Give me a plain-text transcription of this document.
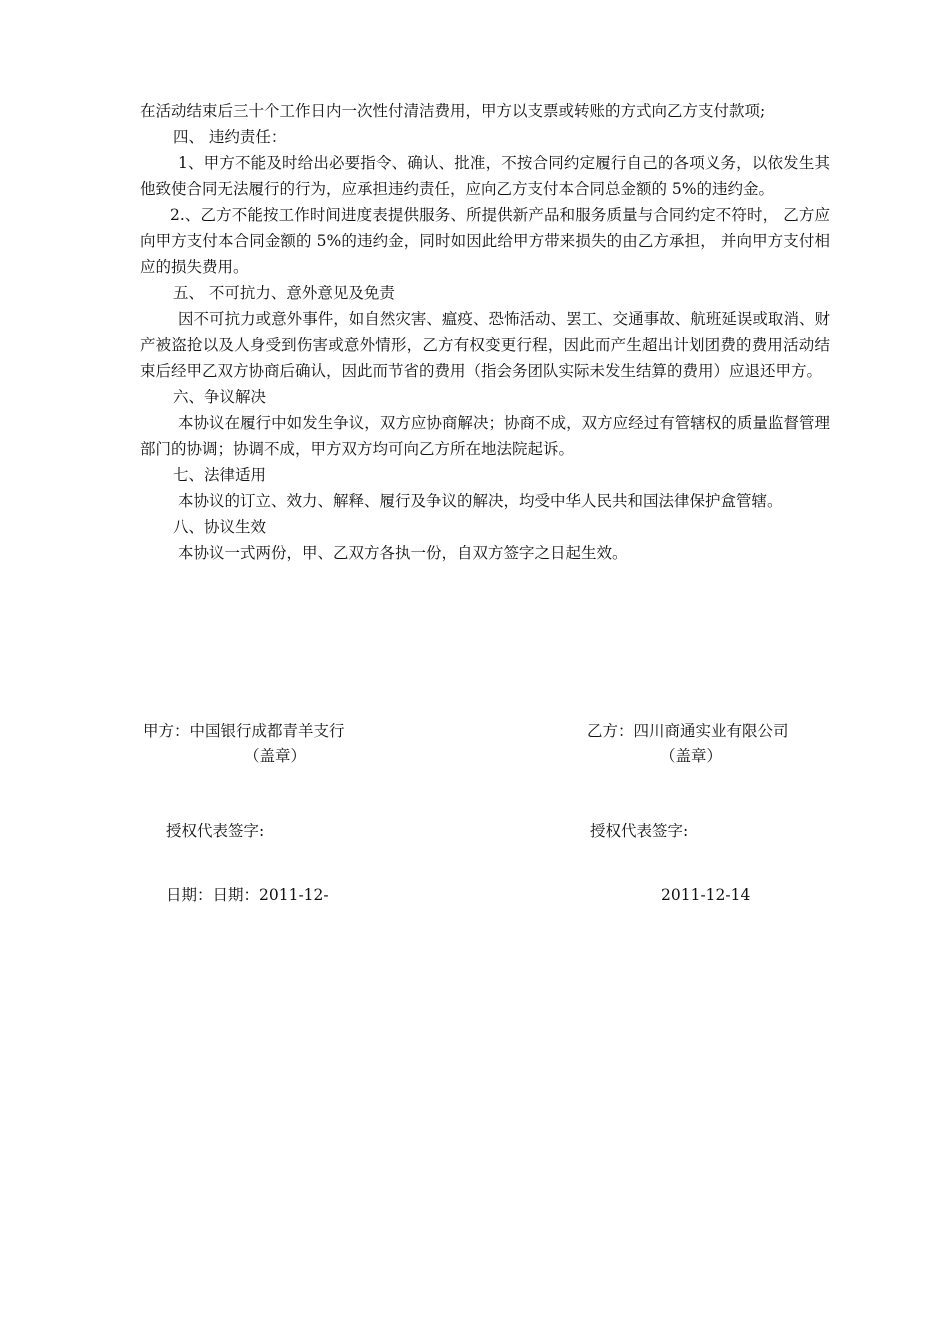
在活动结束后三十个工作日内一次性付清洁费用，甲方以支票或转账的方式向乙方支付款项;

四、 违约责任：

1、甲方不能及时给出必要指令、确认、批准，不按合同约定履行自己的各项义务，以依发生其他致使合同无法履行的行为，应承担违约责任，应向乙方支付本合同总金额的 5%的违约金。

2.、乙方不能按工作时间进度表提供服务、所提供新产品和服务质量与合同约定不符时， 乙方应向甲方支付本合同金额的 5%的违约金，同时如因此给甲方带来损失的由乙方承担， 并向甲方支付相应的损失费用。

五、 不可抗力、意外意见及免责

因不可抗力或意外事件，如自然灾害、瘟疫、恐怖活动、罢工、交通事故、航班延误或取消、财产被盗抢以及人身受到伤害或意外情形，乙方有权变更行程，因此而产生超出计划团费的费用活动结束后经甲乙双方协商后确认，因此而节省的费用（指会务团队实际未发生结算的费用）应退还甲方。

六、争议解决

本协议在履行中如发生争议，双方应协商解决；协商不成，双方应经过有管辖权的质量监督管理部门的协调；协调不成，甲方双方均可向乙方所在地法院起诉。

七、法律适用

本协议的订立、效力、解释、履行及争议的解决，均受中华人民共和国法律保护盒管辖。

八、协议生效

本协议一式两份，甲、乙双方各执一份，自双方签字之日起生效。

甲方：中国银行成都青羊支行
（盖章）
授权代表签字:
日期：日期：2011-12-
乙方：四川商通实业有限公司
（盖章）
授权代表签字:
2011-12-14
